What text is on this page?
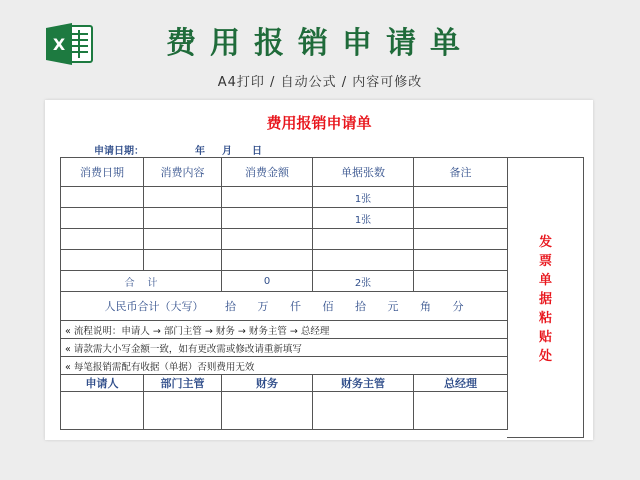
X	费用报销申请单
A4打印 / 自动公式 / 内容可修改
费用报销申请单
申请日期：	年 月 日
消费日期	消费内容	消费金额	单据张数	备注
			1张	
			1张	

合    计		0	2张	
人民币合计（大写） 拾 万 仟 佰 拾 元 角 分				
« 流程说明：申请人 → 部门主管 → 财务 → 财务主管 → 总经理				
« 请款需大小写金额一致，如有更改需或修改请重新填写				
« 每笔报销需配有收据（单据）否则费用无效				
申请人	部门主管	财务	财务主管	总经理

发票单据粘贴处
